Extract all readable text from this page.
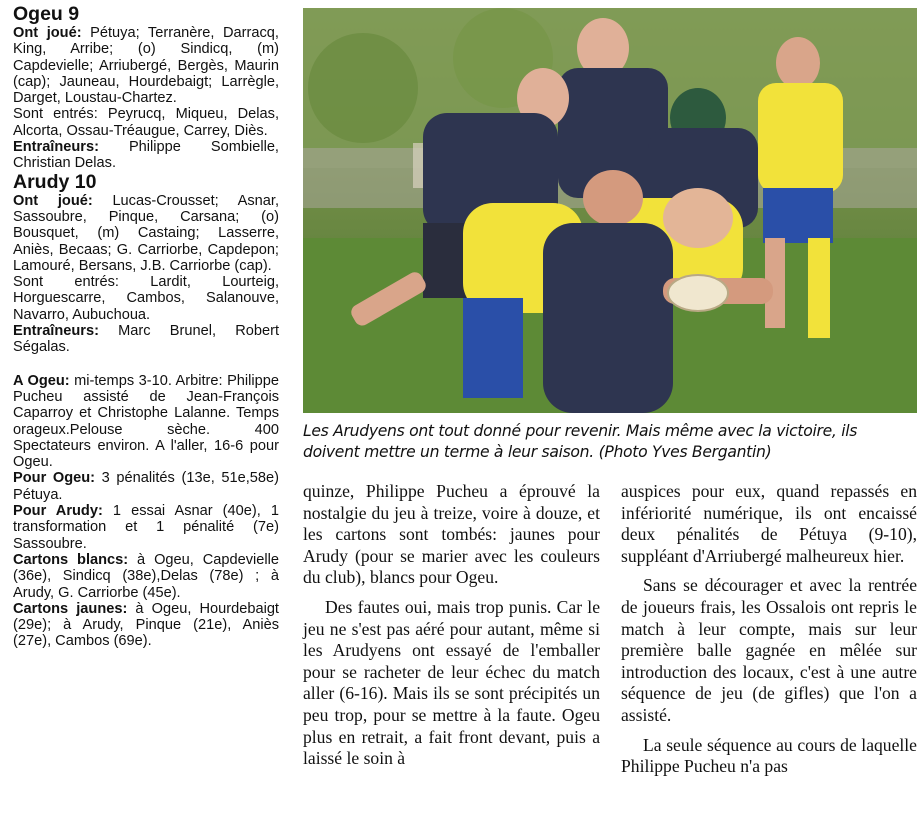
Ogeu 9

Ont joué: Pétuya; Terranère, Darracq, King, Arribe; (o) Sindicq, (m) Capdevielle; Arriubergé, Bergès, Maurin (cap); Jauneau, Hourdebaigt; Larrègle, Darget, Loustau-Chartez.

Sont entrés: Peyrucq, Miqueu, Delas, Alcorta, Ossau-Tréaugue, Carrey, Diès.

Entraîneurs: Philippe Sombielle, Christian Delas.

Arudy 10

Ont joué: Lucas-Crousset; Asnar, Sassoubre, Pinque, Carsana; (o) Bousquet, (m) Castaing; Lasserre, Aniès, Becaas; G. Carriorbe, Capdepon; Lamouré, Bersans, J.B. Carriorbe (cap).

Sont entrés: Lardit, Lourteig, Horguescarre, Cambos, Salanouve, Navarro, Aubuchoua.

Entraîneurs: Marc Brunel, Robert Ségalas.

A Ogeu: mi-temps 3-10. Arbitre: Philippe Pucheu assisté de Jean-François Caparroy et Christophe Lalanne. Temps orageux.Pelouse sèche. 400 Spectateurs environ. A l'aller, 16-6 pour Ogeu.

Pour Ogeu: 3 pénalités (13e, 51e,58e) Pétuya.

Pour Arudy: 1 essai Asnar (40e), 1 transformation et 1 pénalité (7e) Sassoubre.

Cartons blancs: à Ogeu, Capdevielle (36e), Sindicq (38e),Delas (78e) ; à Arudy, G. Carriorbe (45e).

Cartons jaunes: à Ogeu, Hourdebaigt (29e); à Arudy, Pinque (21e), Aniès (27e), Cambos (69e).

Les Arudyens ont tout donné pour revenir. Mais même avec la victoire, ils doivent mettre un terme à leur saison. (Photo Yves Bergantin)

quinze, Philippe Pucheu a éprouvé la nostalgie du jeu à treize, voire à douze, et les cartons sont tombés: jaunes pour Arudy (pour se marier avec les couleurs du club), blancs pour Ogeu.

Des fautes oui, mais trop punis. Car le jeu ne s'est pas aéré pour autant, même si les Arudyens ont essayé de l'emballer pour se racheter de leur échec du match aller (6-16). Mais ils se sont précipités un peu trop, pour se mettre à la faute. Ogeu plus en retrait, a fait front devant, puis a laissé le soin à

auspices pour eux, quand repassés en infériorité numérique, ils ont encaissé deux pénalités de Pétuya (9-10), suppléant d'Arriubergé malheureux hier.

Sans se décourager et avec la rentrée de joueurs frais, les Ossalois ont repris le match à leur compte, mais sur leur première balle gagnée en mêlée sur introduction des locaux, c'est à une autre séquence de jeu (de gifles) que l'on a assisté.

La seule séquence au cours de laquelle Philippe Pucheu n'a pas
